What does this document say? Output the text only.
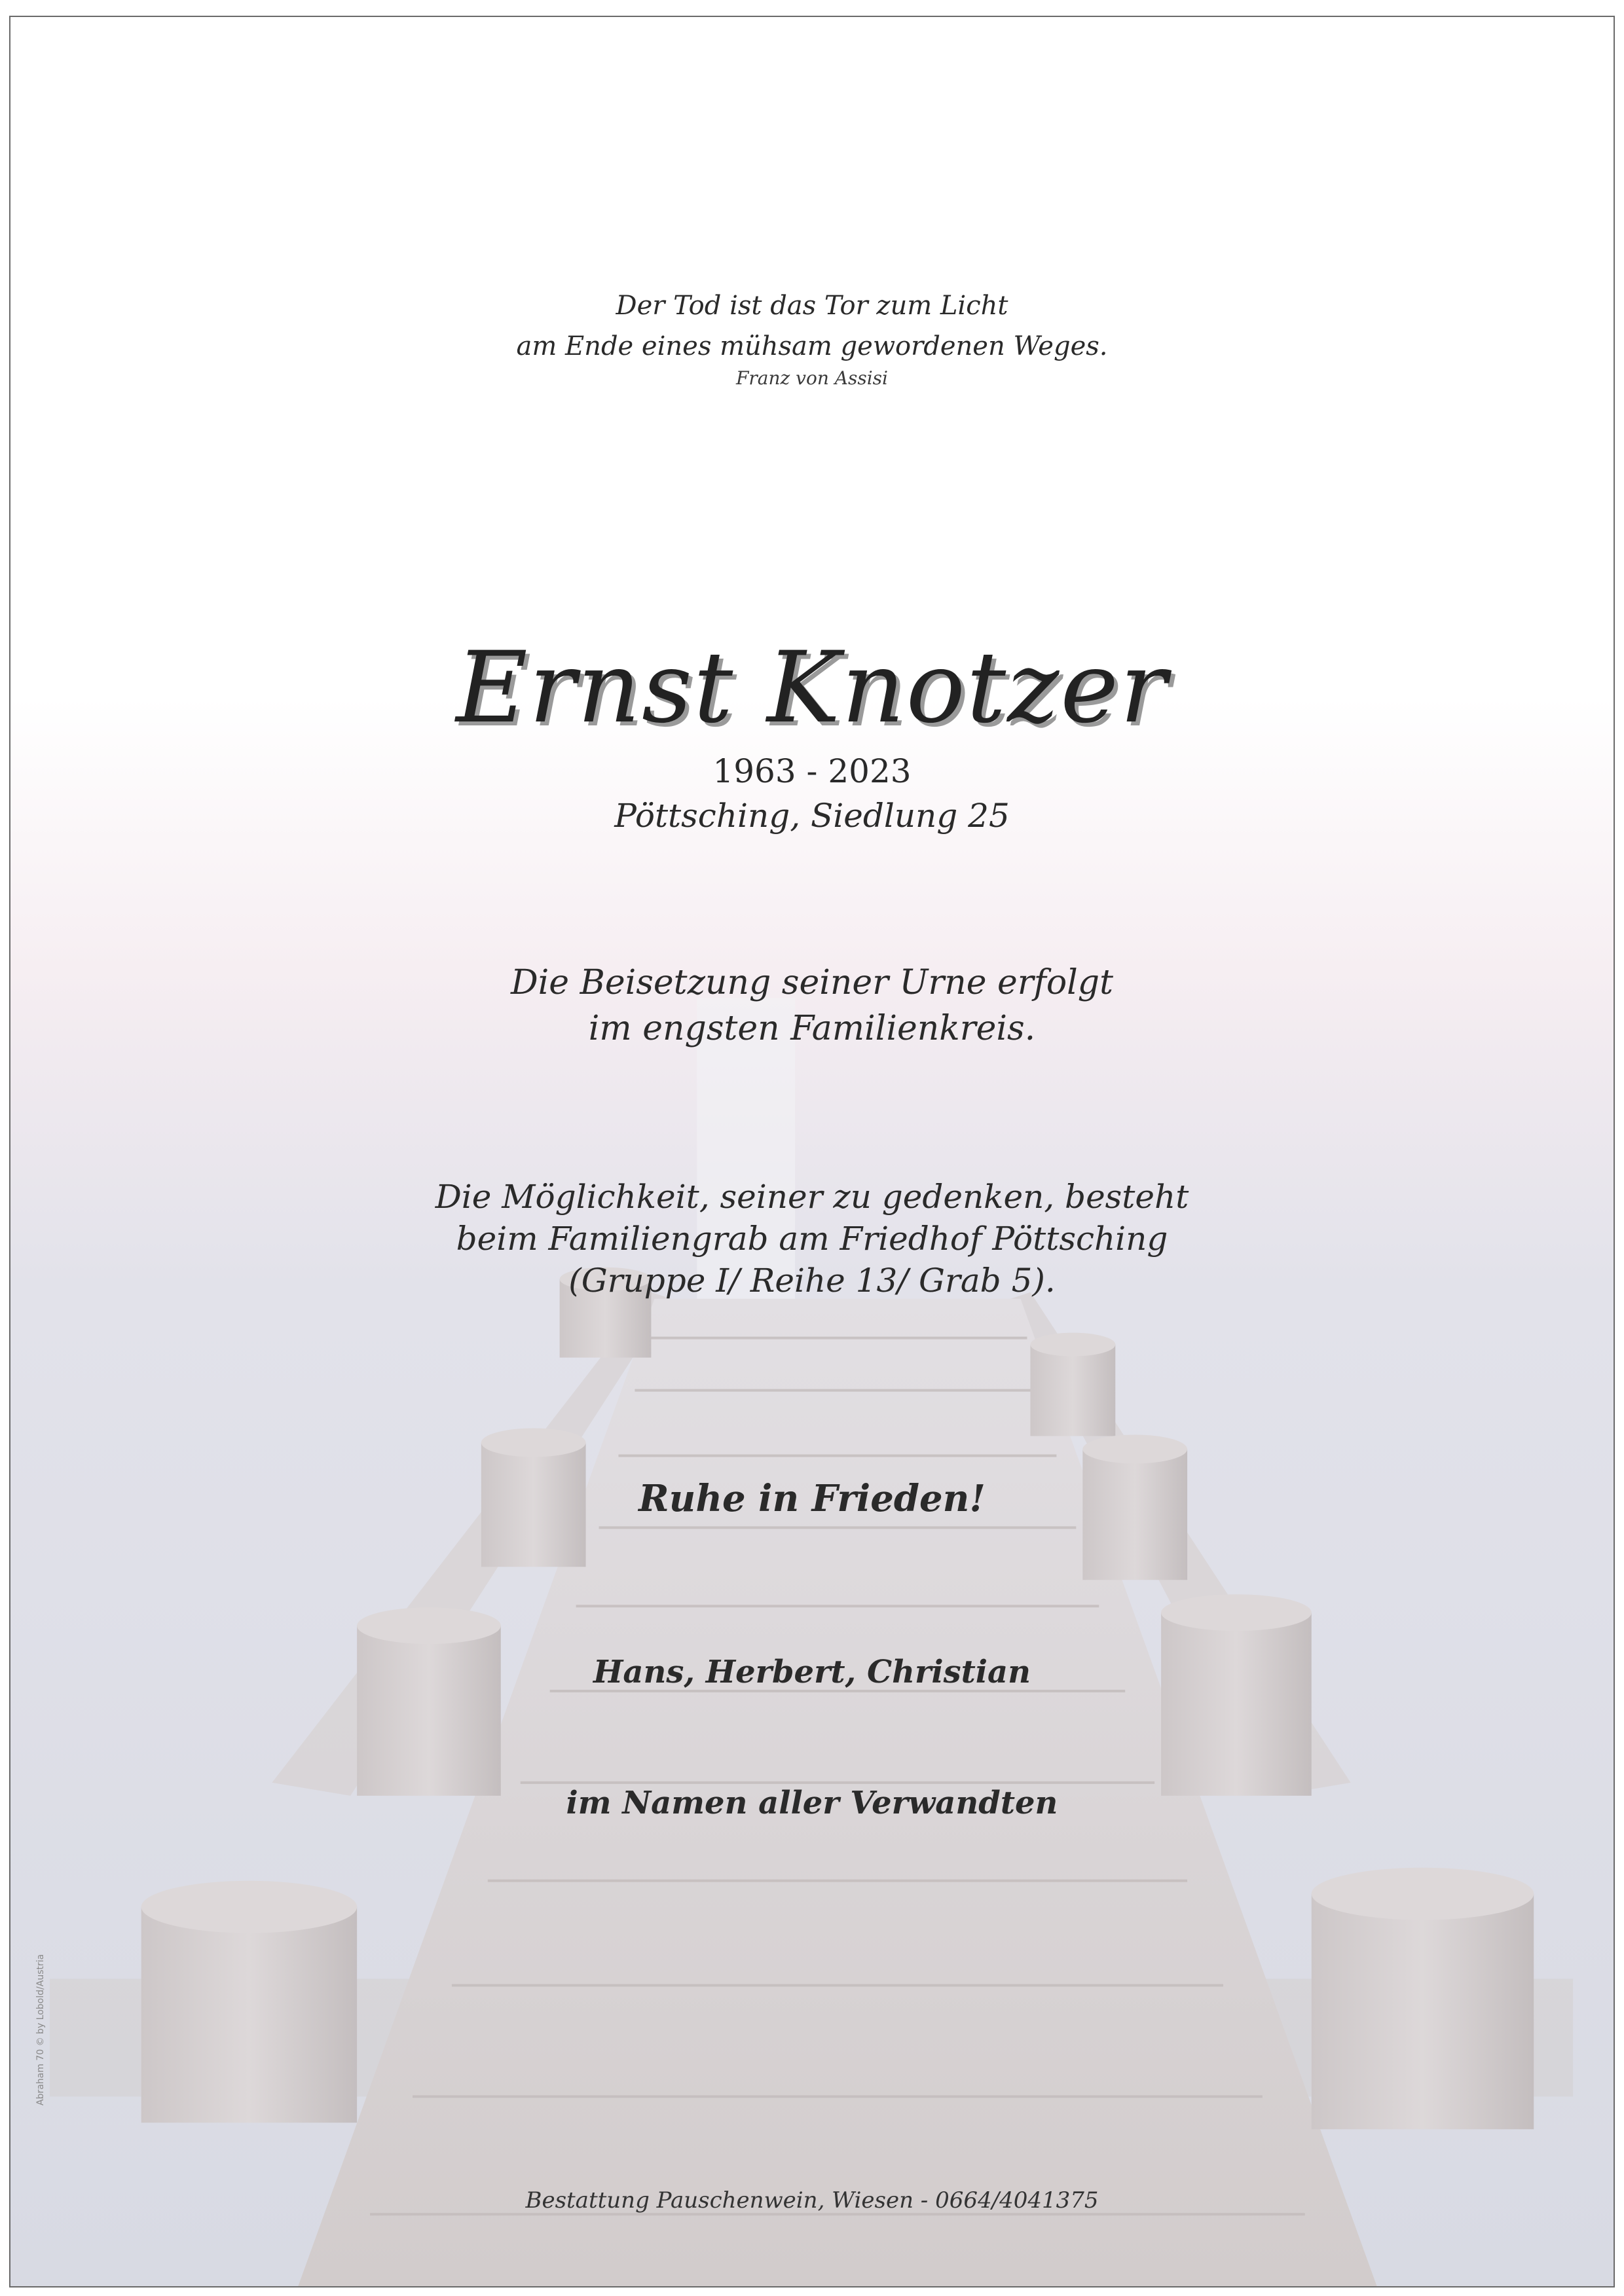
Der Tod ist das Tor zum Licht
am Ende eines mühsam gewordenen Weges.
Franz von Assisi
Ernst Knotzer
1963 - 2023
Pöttsching, Siedlung 25
Die Beisetzung seiner Urne erfolgt
im engsten Familienkreis.
Die Möglichkeit, seiner zu gedenken, besteht
beim Familiengrab am Friedhof Pöttsching
(Gruppe I/ Reihe 13/ Grab 5).
Ruhe in Frieden!
Hans, Herbert, Christian
im Namen aller Verwandten
Bestattung Pauschenwein, Wiesen - 0664/4041375
Abraham 70 © by Lobold/Austria
